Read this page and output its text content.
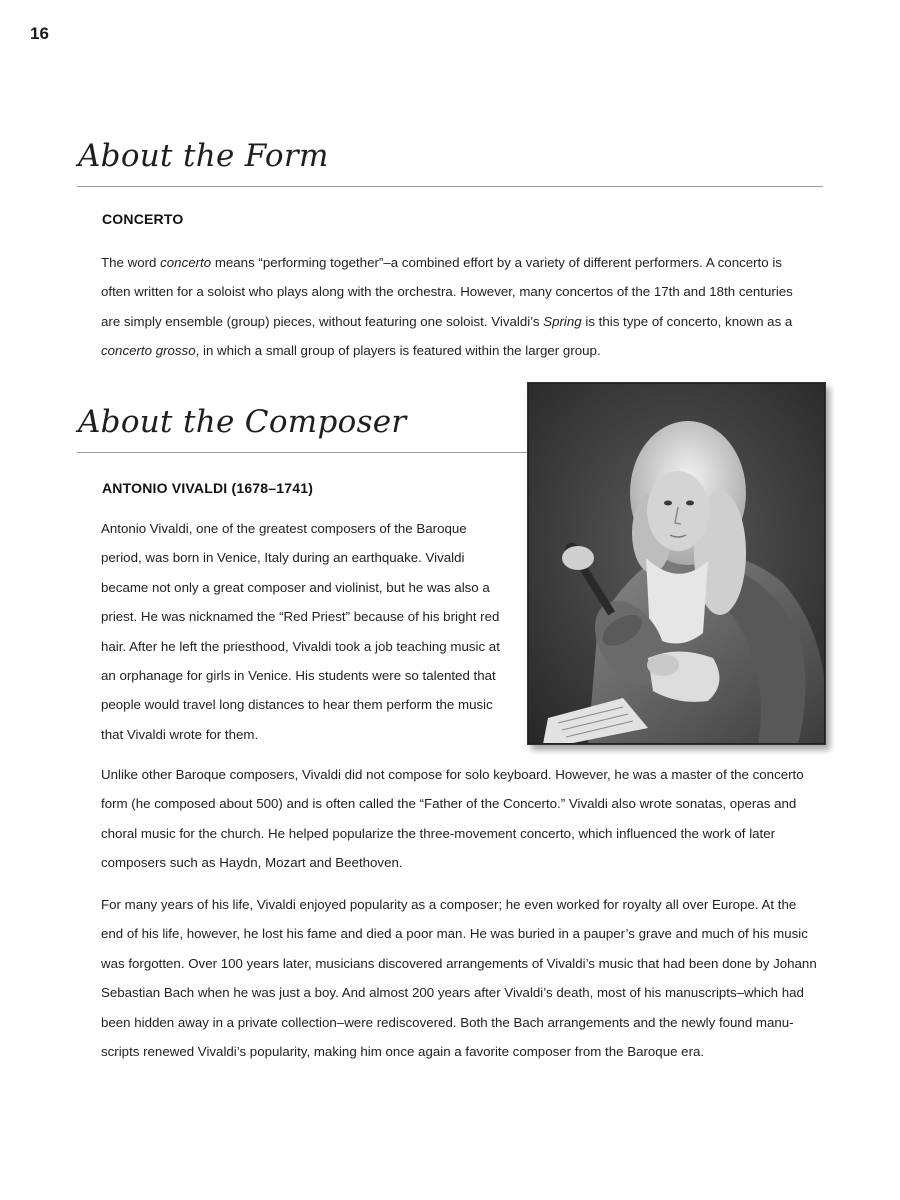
16
About the Form
CONCERTO
The word concerto means “performing together”–a combined effort by a variety of different performers. A concerto is
often written for a soloist who plays along with the orchestra. However, many concertos of the 17th and 18th centuries
are simply ensemble (group) pieces, without featuring one soloist. Vivaldi’s Spring is this type of concerto, known as a
concerto grosso, in which a small group of players is featured within the larger group.
About the Composer
ANTONIO VIVALDI (1678–1741)
Antonio Vivaldi, one of the greatest composers of the Baroque
period, was born in Venice, Italy during an earthquake. Vivaldi
became not only a great composer and violinist, but he was also a
priest. He was nicknamed the “Red Priest” because of his bright red
hair. After he left the priesthood, Vivaldi took a job teaching music at
an orphanage for girls in Venice. His students were so talented that
people would travel long distances to hear them perform the music
that Vivaldi wrote for them.
Unlike other Baroque composers, Vivaldi did not compose for solo keyboard. However, he was a master of the concerto
form (he composed about 500) and is often called the “Father of the Concerto.” Vivaldi also wrote sonatas, operas and
choral music for the church. He helped popularize the three-movement concerto, which influenced the work of later
composers such as Haydn, Mozart and Beethoven.
For many years of his life, Vivaldi enjoyed popularity as a composer; he even worked for royalty all over Europe. At the
end of his life, however, he lost his fame and died a poor man. He was buried in a pauper’s grave and much of his music
was forgotten. Over 100 years later, musicians discovered arrangements of Vivaldi’s music that had been done by Johann
Sebastian Bach when he was just a boy. And almost 200 years after Vivaldi’s death, most of his manuscripts–which had
been hidden away in a private collection–were rediscovered. Both the Bach arrangements and the newly found manu-
scripts renewed Vivaldi’s popularity, making him once again a favorite composer from the Baroque era.
